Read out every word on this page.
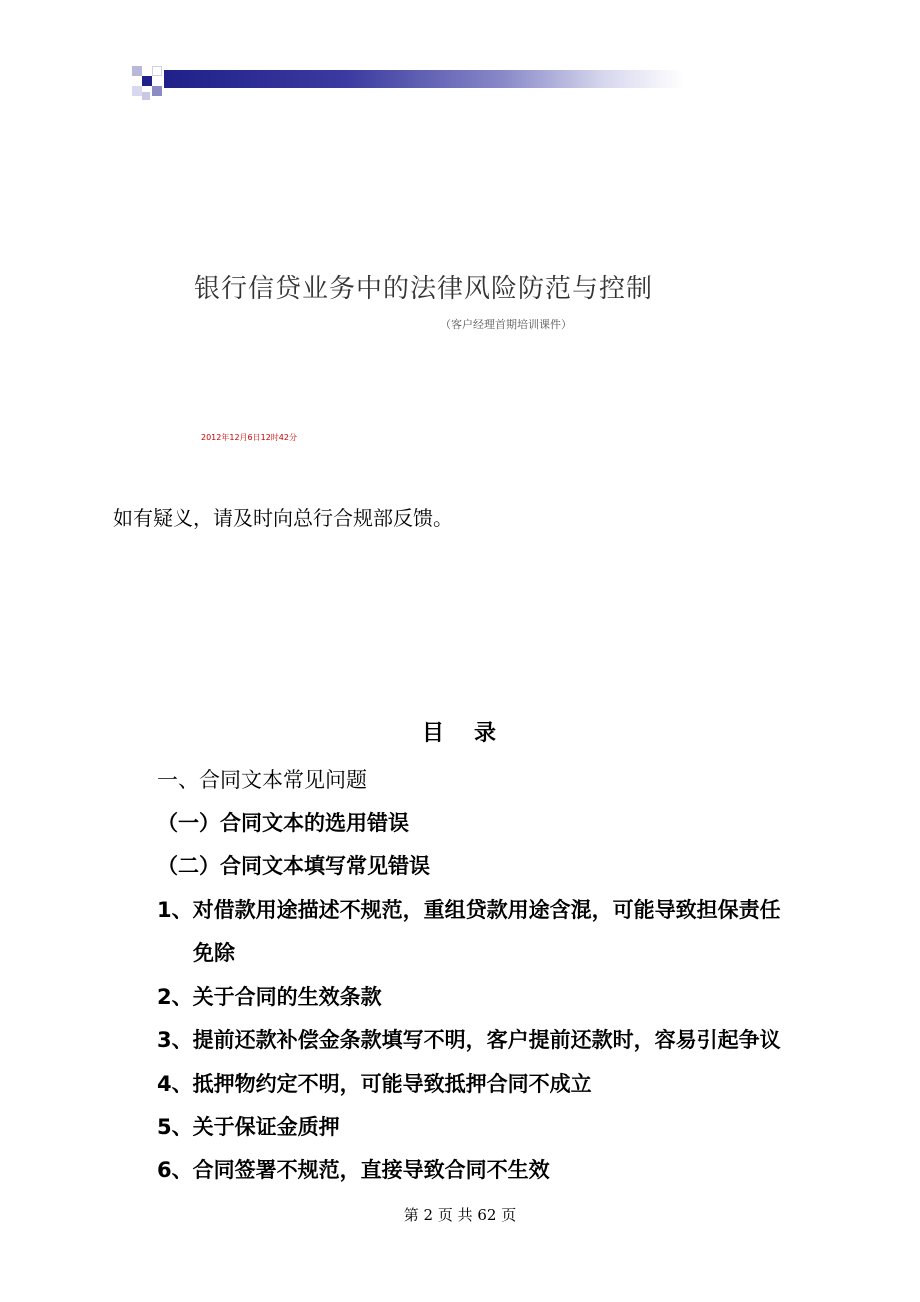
银行信贷业务中的法律风险防范与控制
（客户经理首期培训课件）
2012年12月6日12时42分
如有疑义，请及时向总行合规部反馈。
目录
一、合同文本常见问题
（一）合同文本的选用错误
（二）合同文本填写常见错误
1、对借款用途描述不规范，重组贷款用途含混，可能导致担保责任
免除
2、关于合同的生效条款
3、提前还款补偿金条款填写不明，客户提前还款时，容易引起争议
4、抵押物约定不明，可能导致抵押合同不成立
5、关于保证金质押
6、合同签署不规范，直接导致合同不生效
第 2 页 共 62 页
